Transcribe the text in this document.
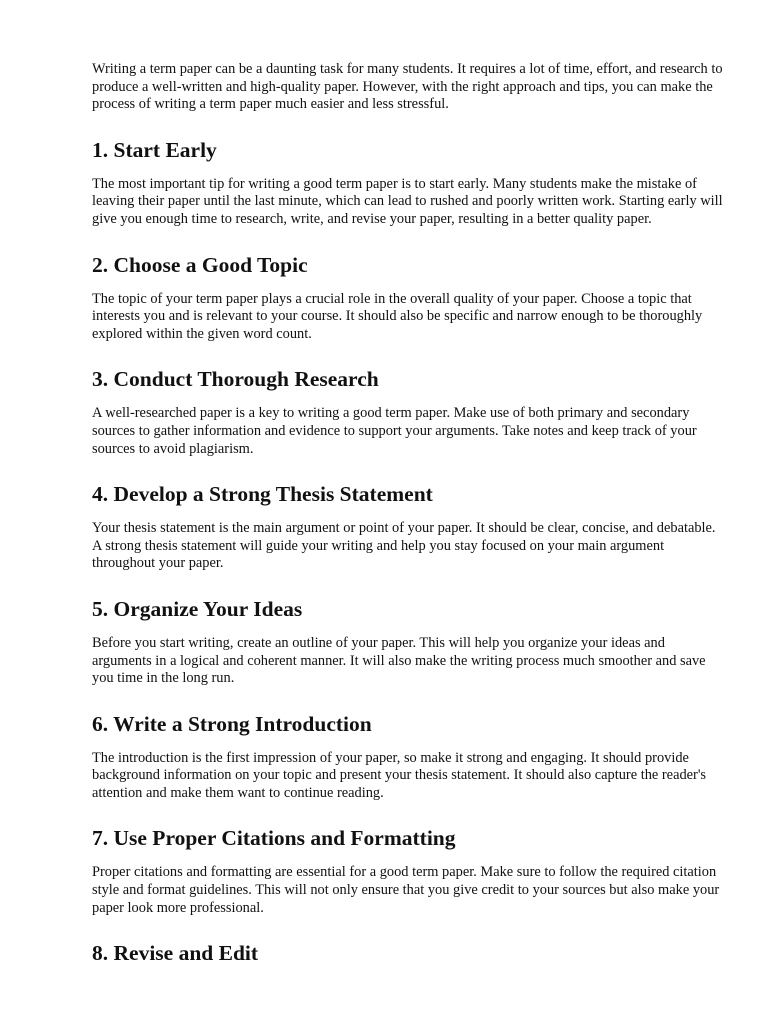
Writing a term paper can be a daunting task for many students. It requires a lot of time, effort, and research to produce a well-written and high-quality paper. However, with the right approach and tips, you can make the process of writing a term paper much easier and less stressful.

1. Start Early

The most important tip for writing a good term paper is to start early. Many students make the mistake of leaving their paper until the last minute, which can lead to rushed and poorly written work. Starting early will give you enough time to research, write, and revise your paper, resulting in a better quality paper.

2. Choose a Good Topic

The topic of your term paper plays a crucial role in the overall quality of your paper. Choose a topic that interests you and is relevant to your course. It should also be specific and narrow enough to be thoroughly explored within the given word count.

3. Conduct Thorough Research

A well-researched paper is a key to writing a good term paper. Make use of both primary and secondary sources to gather information and evidence to support your arguments. Take notes and keep track of your sources to avoid plagiarism.

4. Develop a Strong Thesis Statement

Your thesis statement is the main argument or point of your paper. It should be clear, concise, and debatable. A strong thesis statement will guide your writing and help you stay focused on your main argument throughout your paper.

5. Organize Your Ideas

Before you start writing, create an outline of your paper. This will help you organize your ideas and arguments in a logical and coherent manner. It will also make the writing process much smoother and save you time in the long run.

6. Write a Strong Introduction

The introduction is the first impression of your paper, so make it strong and engaging. It should provide background information on your topic and present your thesis statement. It should also capture the reader's attention and make them want to continue reading.

7. Use Proper Citations and Formatting

Proper citations and formatting are essential for a good term paper. Make sure to follow the required citation style and format guidelines. This will not only ensure that you give credit to your sources but also make your paper look more professional.

8. Revise and Edit
